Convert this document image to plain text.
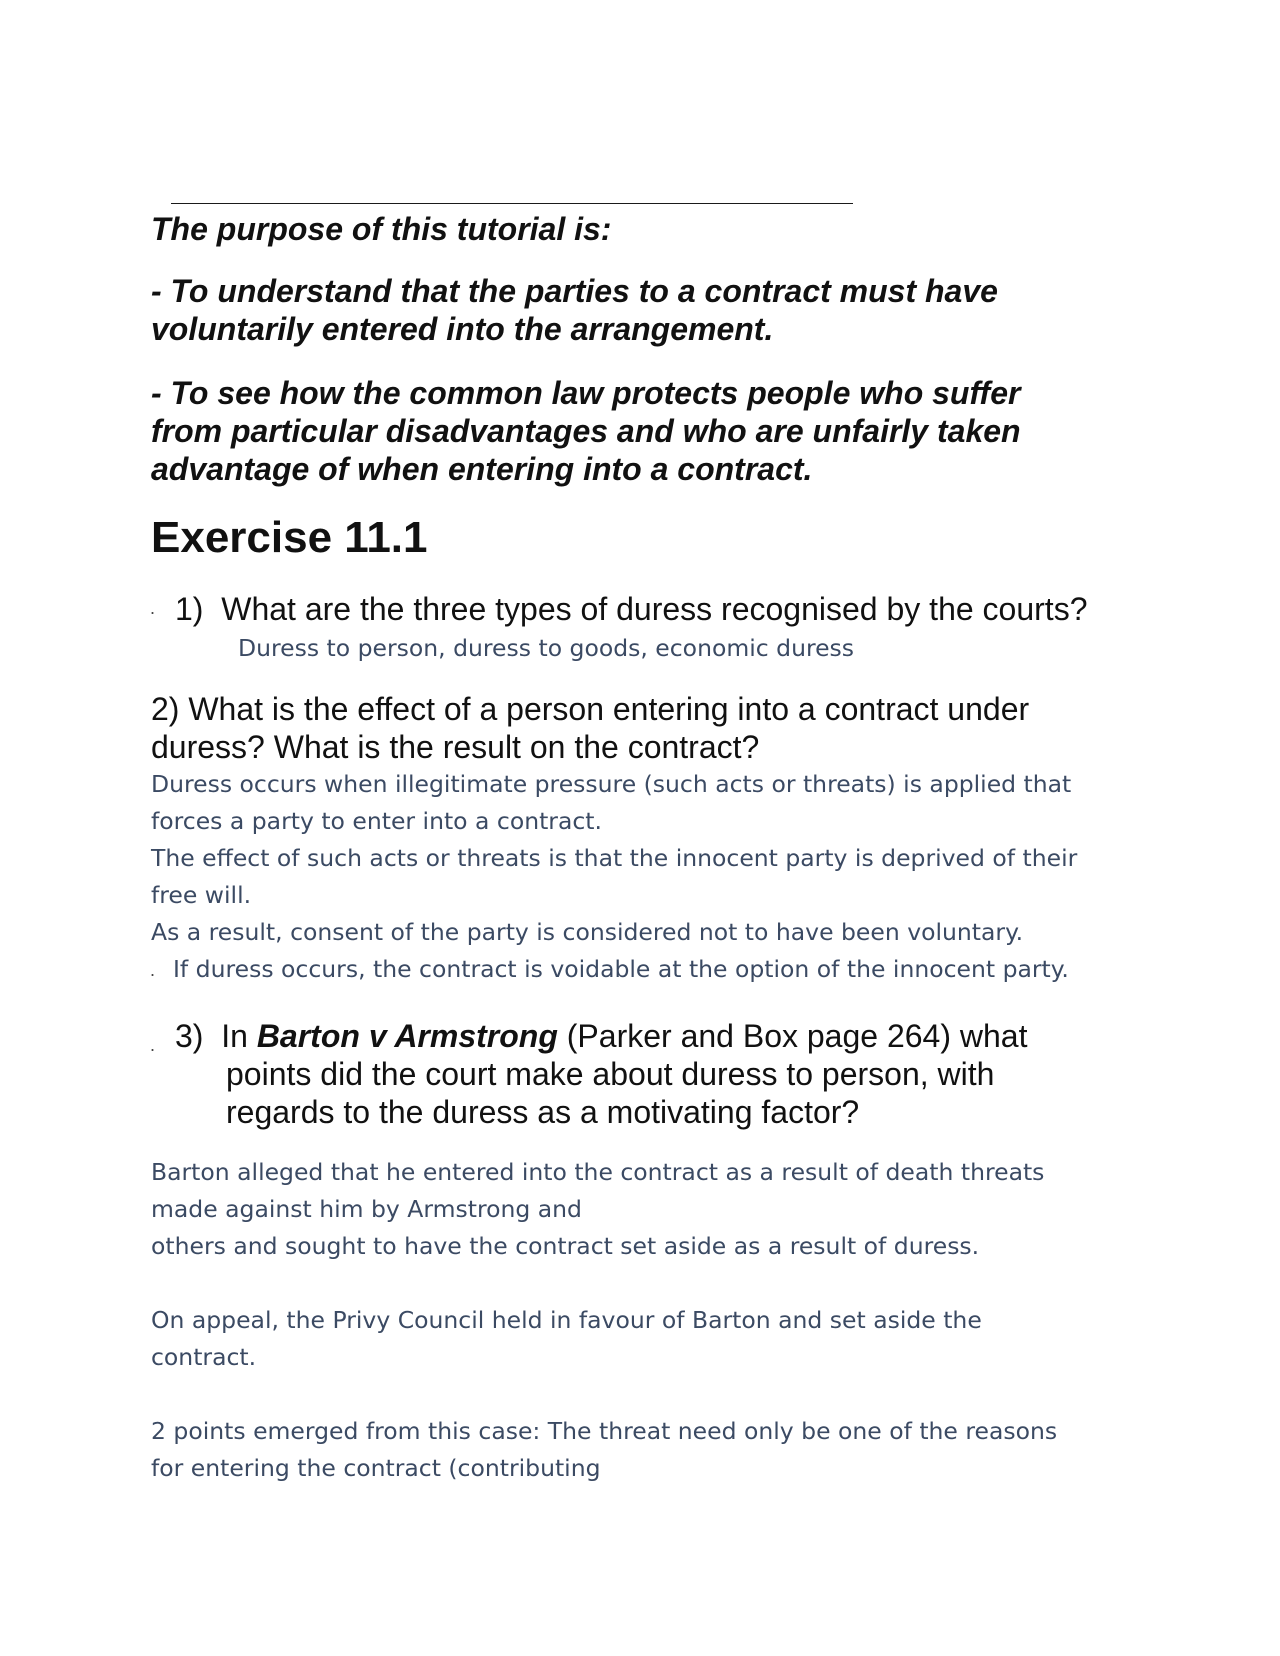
The purpose of this tutorial is:

- To understand that the parties to a contract must have voluntarily entered into the arrangement.

- To see how the common law protects people who suffer from particular disadvantages and who are unfairly taken advantage of when entering into a contract.

Exercise 11.1
. 1) What are the three types of duress recognised by the courts?

Duress to person, duress to goods, economic duress

2) What is the effect of a person entering into a contract under

duress? What is the result on the contract?

Duress occurs when illegitimate pressure (such acts or threats) is applied that

forces a party to enter into a contract.

The effect of such acts or threats is that the innocent party is deprived of their

free will.

As a result, consent of the party is considered not to have been voluntary.

. If duress occurs, the contract is voidable at the option of the innocent party.

. 3) In Barton v Armstrong (Parker and Box page 264) what

points did the court make about duress to person, with

regards to the duress as a motivating factor?

Barton alleged that he entered into the contract as a result of death threats

made against him by Armstrong and

others and sought to have the contract set aside as a result of duress.

On appeal, the Privy Council held in favour of Barton and set aside the

contract.

2 points emerged from this case: The threat need only be one of the reasons

for entering the contract (contributing
